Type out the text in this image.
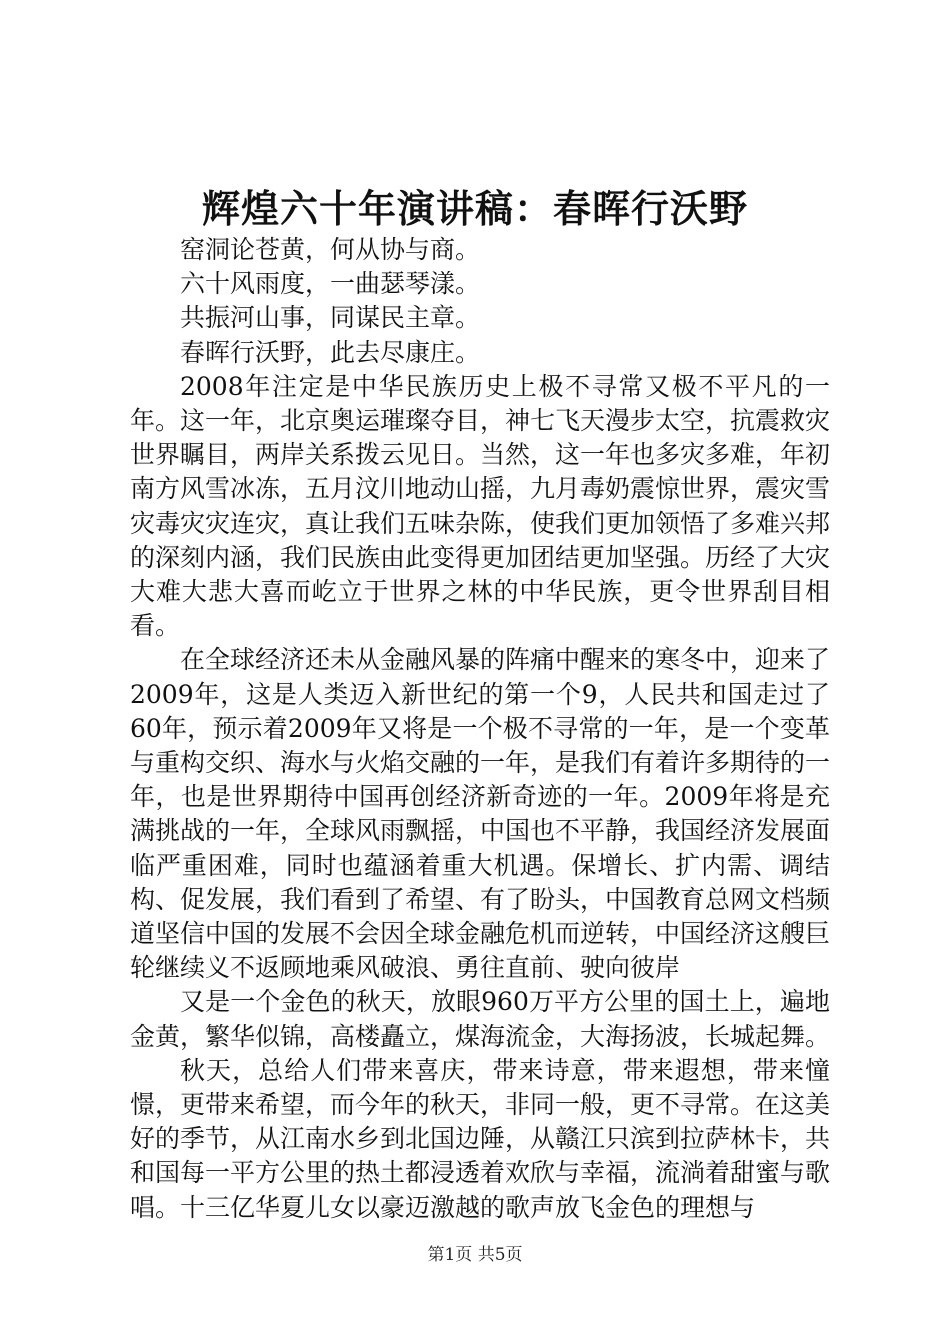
辉煌六十年演讲稿：春晖行沃野

窑洞论苍黄，何从协与商。

六十风雨度，一曲瑟琴漾。

共振河山事，同谋民主章。

春晖行沃野，此去尽康庄。

2008年注定是中华民族历史上极不寻常又极不平凡的一年。这一年，北京奥运璀璨夺目，神七飞天漫步太空，抗震救灾世界瞩目，两岸关系拨云见日。当然，这一年也多灾多难，年初南方风雪冰冻，五月汶川地动山摇，九月毒奶震惊世界，震灾雪灾毒灾灾连灾，真让我们五味杂陈，使我们更加领悟了多难兴邦的深刻内涵，我们民族由此变得更加团结更加坚强。历经了大灾大难大悲大喜而屹立于世界之林的中华民族，更令世界刮目相看。

在全球经济还未从金融风暴的阵痛中醒来的寒冬中，迎来了2009年，这是人类迈入新世纪的第一个9，人民共和国走过了60年，预示着2009年又将是一个极不寻常的一年，是一个变革与重构交织、海水与火焰交融的一年，是我们有着许多期待的一年，也是世界期待中国再创经济新奇迹的一年。2009年将是充满挑战的一年，全球风雨飘摇，中国也不平静，我国经济发展面临严重困难，同时也蕴涵着重大机遇。保增长、扩内需、调结构、促发展，我们看到了希望、有了盼头，中国教育总网文档频道坚信中国的发展不会因全球金融危机而逆转，中国经济这艘巨轮继续义不返顾地乘风破浪、勇往直前、驶向彼岸

又是一个金色的秋天，放眼960万平方公里的国土上，遍地金黄，繁华似锦，高楼矗立，煤海流金，大海扬波，长城起舞。

秋天，总给人们带来喜庆，带来诗意，带来遐想，带来憧憬，更带来希望，而今年的秋天，非同一般，更不寻常。在这美好的季节，从江南水乡到北国边陲，从赣江只滨到拉萨林卡，共和国每一平方公里的热土都浸透着欢欣与幸福，流淌着甜蜜与歌唱。十三亿华夏儿女以豪迈激越的歌声放飞金色的理想与

第1页 共5页
